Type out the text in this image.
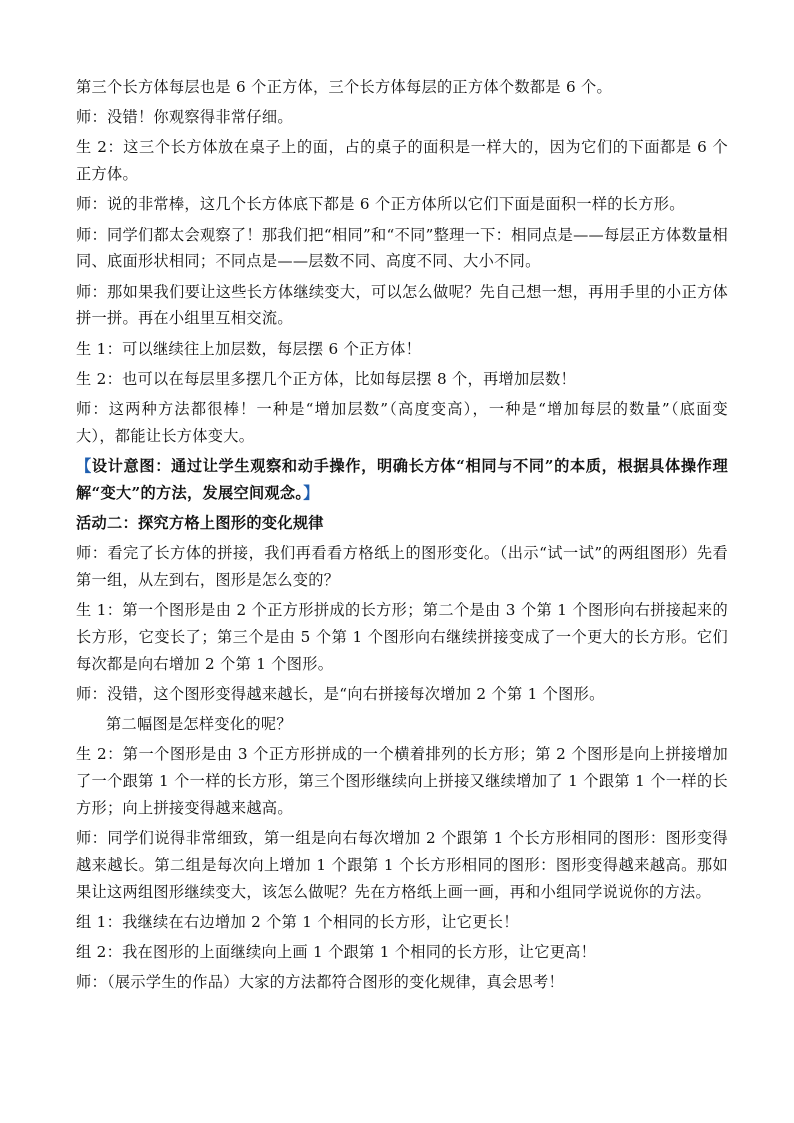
第三个长方体每层也是 6 个正方体，三个长方体每层的正方体个数都是 6 个。

师：没错！你观察得非常仔细。

生 2：这三个长方体放在桌子上的面，占的桌子的面积是一样大的，因为它们的下面都是 6 个正方体。

师：说的非常棒，这几个长方体底下都是 6 个正方体所以它们下面是面积一样的长方形。

师：同学们都太会观察了！那我们把“相同”和“不同”整理一下：相同点是——每层正方体数量相同、底面形状相同；不同点是——层数不同、高度不同、大小不同。

师：那如果我们要让这些长方体继续变大，可以怎么做呢？先自己想一想，再用手里的小正方体拼一拼。再在小组里互相交流。

生 1：可以继续往上加层数，每层摆 6 个正方体！

生 2：也可以在每层里多摆几个正方体，比如每层摆 8 个，再增加层数！

师：这两种方法都很棒！一种是“增加层数”（高度变高），一种是“增加每层的数量”（底面变大），都能让长方体变大。

【设计意图：通过让学生观察和动手操作，明确长方体“相同与不同”的本质，根据具体操作理解“变大”的方法，发展空间观念。】

活动二：探究方格上图形的变化规律

师：看完了长方体的拼接，我们再看看方格纸上的图形变化。（出示“试一试”的两组图形）先看第一组，从左到右，图形是怎么变的？

生 1：第一个图形是由 2 个正方形拼成的长方形；第二个是由 3 个第 1 个图形向右拼接起来的长方形，它变长了；第三个是由 5 个第 1 个图形向右继续拼接变成了一个更大的长方形。它们每次都是向右增加 2 个第 1 个图形。

师：没错，这个图形变得越来越长，是“向右拼接每次增加 2 个第 1 个图形。

第二幅图是怎样变化的呢？

生 2：第一个图形是由 3 个正方形拼成的一个横着排列的长方形；第 2 个图形是向上拼接增加了一个跟第 1 个一样的长方形，第三个图形继续向上拼接又继续增加了 1 个跟第 1 个一样的长方形；向上拼接变得越来越高。

师：同学们说得非常细致，第一组是向右每次增加 2 个跟第 1 个长方形相同的图形：图形变得越来越长。第二组是每次向上增加 1 个跟第 1 个长方形相同的图形：图形变得越来越高。那如果让这两组图形继续变大，该怎么做呢？先在方格纸上画一画，再和小组同学说说你的方法。

组 1：我继续在右边增加 2 个第 1 个相同的长方形，让它更长！

组 2：我在图形的上面继续向上画 1 个跟第 1 个相同的长方形，让它更高！

师：（展示学生的作品）大家的方法都符合图形的变化规律，真会思考！
